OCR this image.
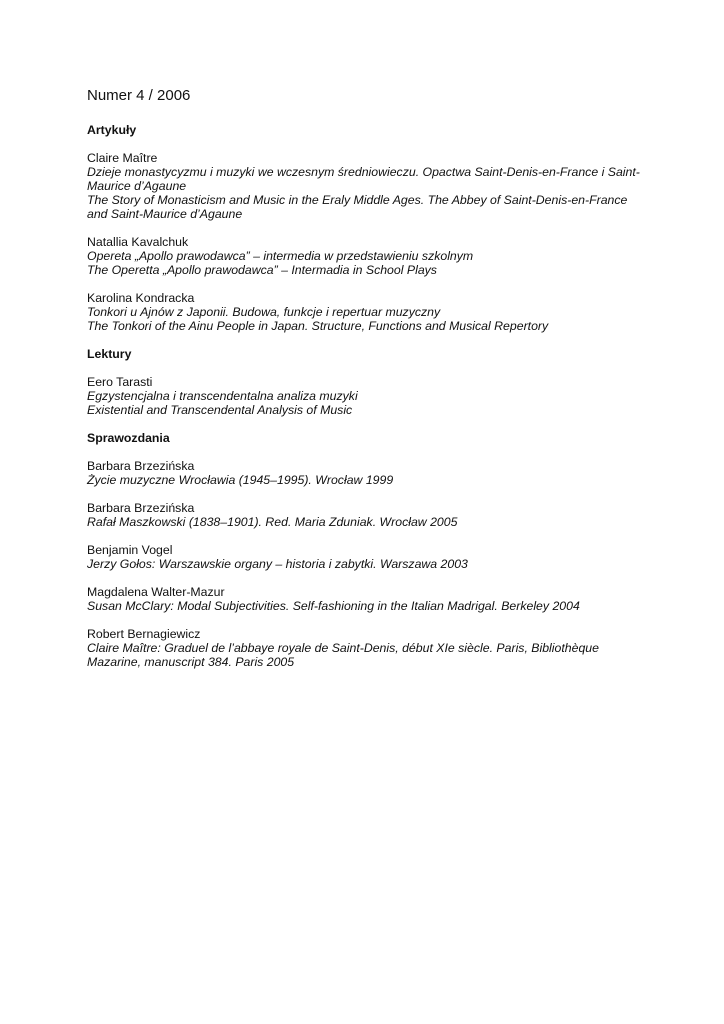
Numer 4 / 2006
Artykuły
Claire Maître
Dzieje monastycyzmu i muzyki we wczesnym średniowieczu. Opactwa Saint-Denis-en-France i Saint-Maurice d’Agaune
The Story of Monasticism and Music in the Eraly Middle Ages. The Abbey of Saint-Denis-en-France and Saint-Maurice d’Agaune
Natallia Kavalchuk
Opereta „Apollo prawodawca” – intermedia w przedstawieniu szkolnym
The Operetta „Apollo prawodawca” – Intermadia in School Plays
Karolina Kondracka
Tonkori u Ajnów z Japonii. Budowa, funkcje i repertuar muzyczny
The Tonkori of the Ainu People in Japan. Structure, Functions and Musical Repertory
Lektury
Eero Tarasti
Egzystencjalna i transcendentalna analiza muzyki
Existential and Transcendental Analysis of Music
Sprawozdania
Barbara Brzezińska
Życie muzyczne Wrocławia (1945–1995). Wrocław 1999
Barbara Brzezińska
Rafał Maszkowski (1838–1901). Red. Maria Zduniak. Wrocław 2005
Benjamin Vogel
Jerzy Gołos: Warszawskie organy – historia i zabytki. Warszawa 2003
Magdalena Walter-Mazur
Susan McClary: Modal Subjectivities. Self-fashioning in the Italian Madrigal. Berkeley 2004
Robert Bernagiewicz
Claire Maître: Graduel de l’abbaye royale de Saint-Denis, début XIe siècle. Paris, Bibliothèque Mazarine, manuscript 384. Paris 2005
